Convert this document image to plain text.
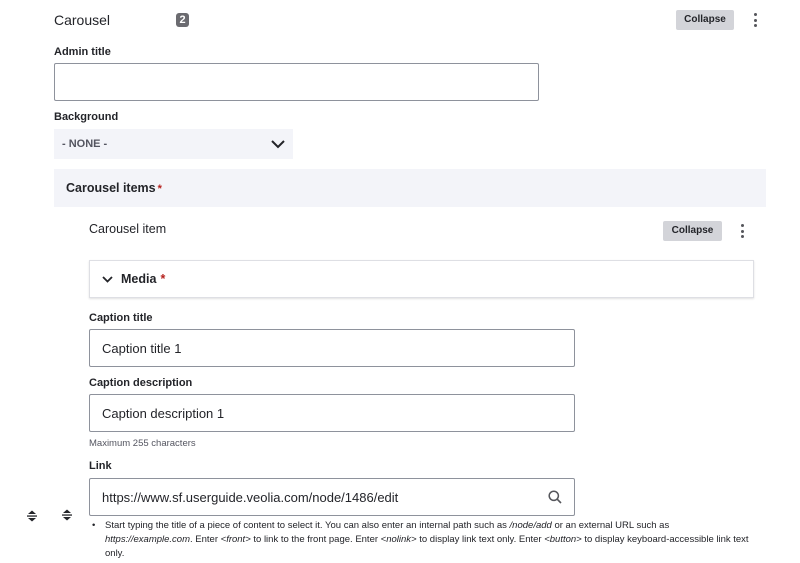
Carousel	2	Collapse
Admin title
Background
- NONE -
Carousel items *
Carousel item	Collapse
Media *
Caption title
Caption title 1
Caption description
Caption description 1
Maximum 255 characters
Link
https://www.sf.userguide.veolia.com/node/1486/edit
•	Start typing the title of a piece of content to select it. You can also enter an internal path such as /node/add or an external URL such as https://example.com. Enter <front> to link to the front page. Enter <nolink> to display link text only. Enter <button> to display keyboard-accessible link text only.
